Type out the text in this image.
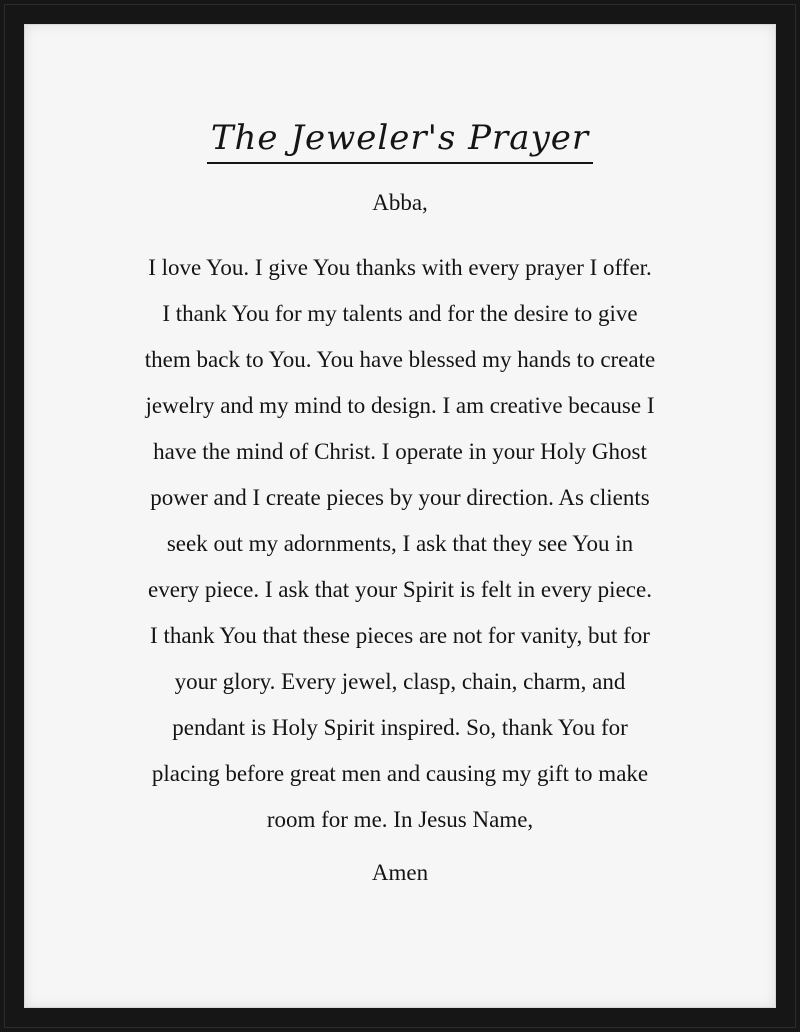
The Jeweler's Prayer
Abba,

I love You. I give You thanks with every prayer I offer.
I thank You for my talents and for the desire to give
them back to You. You have blessed my hands to create
jewelry and my mind to design. I am creative because I
have the mind of Christ. I operate in your Holy Ghost
power and I create pieces by your direction. As clients
seek out my adornments, I ask that they see You in
every piece. I ask that your Spirit is felt in every piece.
I thank You that these pieces are not for vanity, but for
your glory. Every jewel, clasp, chain, charm, and
pendant is Holy Spirit inspired. So, thank You for
placing before great men and causing my gift to make
room for me. In Jesus Name,

Amen
